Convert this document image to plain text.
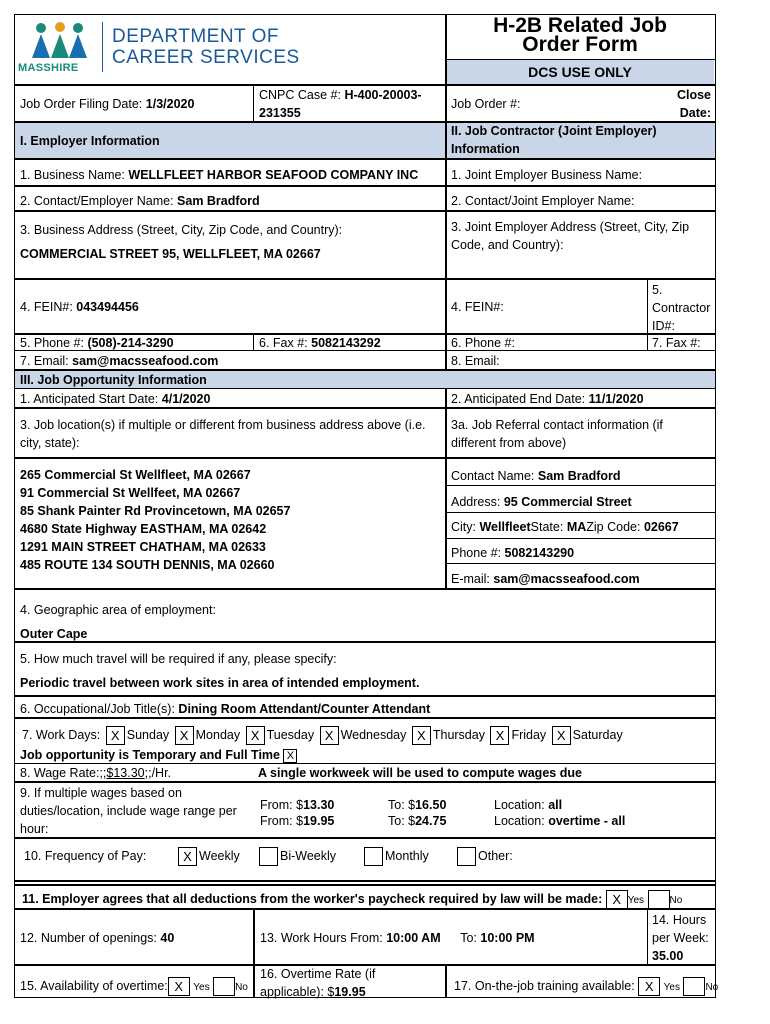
MASSHIRE
DEPARTMENT OF
CAREER SERVICES
H-2B Related Job
Order Form
DCS USE ONLY
Job Order Filing Date: 1/3/2020
CNPC Case #: H-400-20003-
231355
Job Order #:
Close
Date:
I. Employer Information
II. Job Contractor (Joint Employer)
Information
1. Business Name: WELLFLEET HARBOR SEAFOOD COMPANY INC	1. Joint Employer Business Name:
2. Contact/Employer Name: Sam Bradford	2. Contact/Joint Employer Name:
3. Business Address (Street, City, Zip Code, and Country):
COMMERCIAL STREET 95, WELLFLEET, MA 02667
3. Joint Employer Address (Street, City, Zip
Code, and Country):
4. FEIN#: 043494456	4. FEIN#:
5.
Contractor
ID#:
5. Phone #: (508)-214-3290	6. Fax #: 5082143292	6. Phone #:	7. Fax #:
7. Email: sam@macsseafood.com	8. Email:
III. Job Opportunity Information
1. Anticipated Start Date: 4/1/2020	2. Anticipated End Date: 11/1/2020
3. Job location(s) if multiple or different from business address above (i.e.
city, state):
3a. Job Referral contact information (if
different from above)
265 Commercial St Wellfleet, MA 02667
91 Commercial St Wellfeet, MA 02667
85 Shank Painter Rd Provincetown, MA 02657
4680 State Highway EASTHAM, MA 02642
1291 MAIN STREET CHATHAM, MA 02633
485 ROUTE 134 SOUTH DENNIS, MA 02660
Contact Name: Sam Bradford
Address: 95 Commercial Street
City: WellfleetState: MAZip Code: 02667
Phone #: 5082143290
E-mail: sam@macsseafood.com
4. Geographic area of employment:
Outer Cape
5. How much travel will be required if any, please specify:
Periodic travel between work sites in area of intended employment.
6. Occupational/Job Title(s): Dining Room Attendant/Counter Attendant
7. Work Days: X Sunday X Monday X Tuesday X Wednesday X Thursday X Friday X Saturday
Job opportunity is Temporary and Full Time X
8. Wage Rate:;;$13.30;;/Hr.	A single workweek will be used to compute wages due
9. If multiple wages based on
duties/location, include wage range per
hour:
From: $13.30	To: $16.50	Location: all
From: $19.95	To: $24.75	Location: overtime - all
10. Frequency of Pay:	X Weekly	Bi-Weekly	Monthly	Other:
11. Employer agrees that all deductions from the worker's paycheck required by law will be made: X Yes	No
12. Number of openings: 40	13. Work Hours From: 10:00 AM To: 10:00 PM
14. Hours
per Week:
35.00
15. Availability of overtime: X Yes	No
16. Overtime Rate (if
applicable): $19.95	17. On-the-job training available: X Yes	No
